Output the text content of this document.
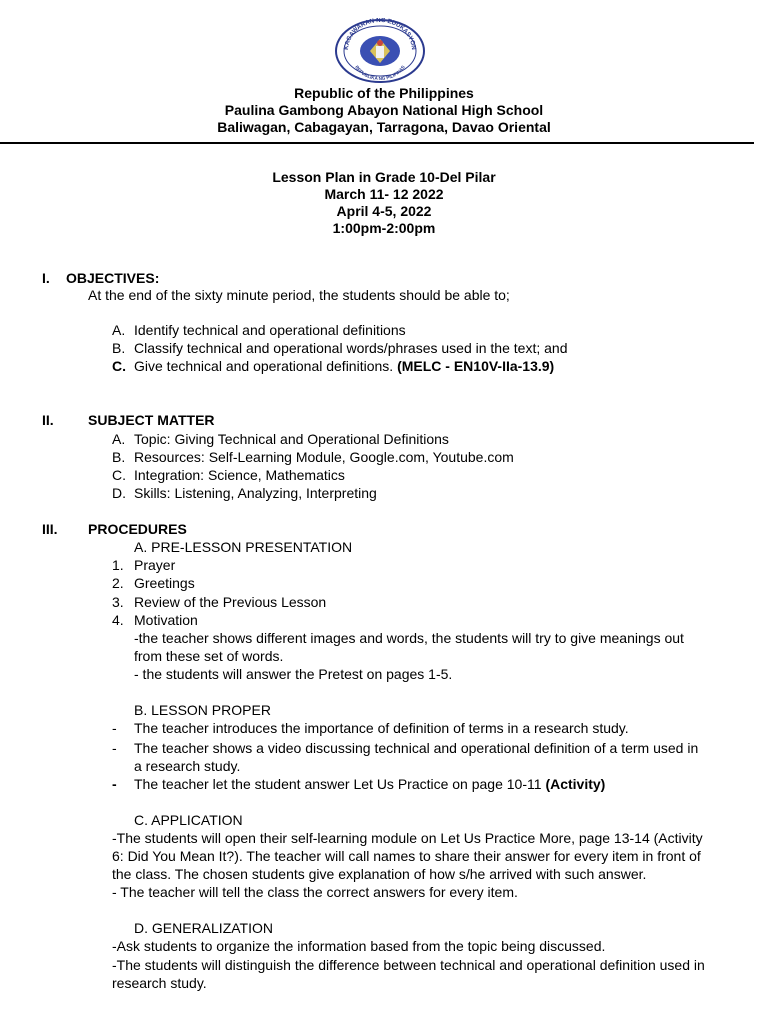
KAGAWARAN NG EDUKASYON
REPUBLIKA NG PILIPINAS
Republic of the Philippines
Paulina Gambong Abayon National High School
Baliwagan, Cabagayan, Tarragona, Davao Oriental
Lesson Plan in Grade 10-Del Pilar
March 11- 12 2022
April 4-5, 2022
1:00pm-2:00pm
I. OBJECTIVES:
At the end of the sixty minute period, the students should be able to;
A. Identify technical and operational definitions
B. Classify technical and operational words/phrases used in the text; and
C. Give technical and operational definitions. (MELC - EN10V-IIa-13.9)
II. SUBJECT MATTER
A. Topic: Giving Technical and Operational Definitions
B. Resources: Self-Learning Module, Google.com, Youtube.com
C. Integration: Science, Mathematics
D. Skills: Listening, Analyzing, Interpreting
III. PROCEDURES
A. PRE-LESSON PRESENTATION
1. Prayer
2. Greetings
3. Review of the Previous Lesson
4. Motivation
-the teacher shows different images and words, the students will try to give meanings out
from these set of words.
- the students will answer the Pretest on pages 1-5.
B. LESSON PROPER
- The teacher introduces the importance of definition of terms in a research study.
- The teacher shows a video discussing technical and operational definition of a term used in
a research study.
- The teacher let the student answer Let Us Practice on page 10-11 (Activity)
C. APPLICATION
-The students will open their self-learning module on Let Us Practice More, page 13-14 (Activity
6: Did You Mean It?). The teacher will call names to share their answer for every item in front of
the class. The chosen students give explanation of how s/he arrived with such answer.
- The teacher will tell the class the correct answers for every item.
D. GENERALIZATION
-Ask students to organize the information based from the topic being discussed.
-The students will distinguish the difference between technical and operational definition used in
research study.
